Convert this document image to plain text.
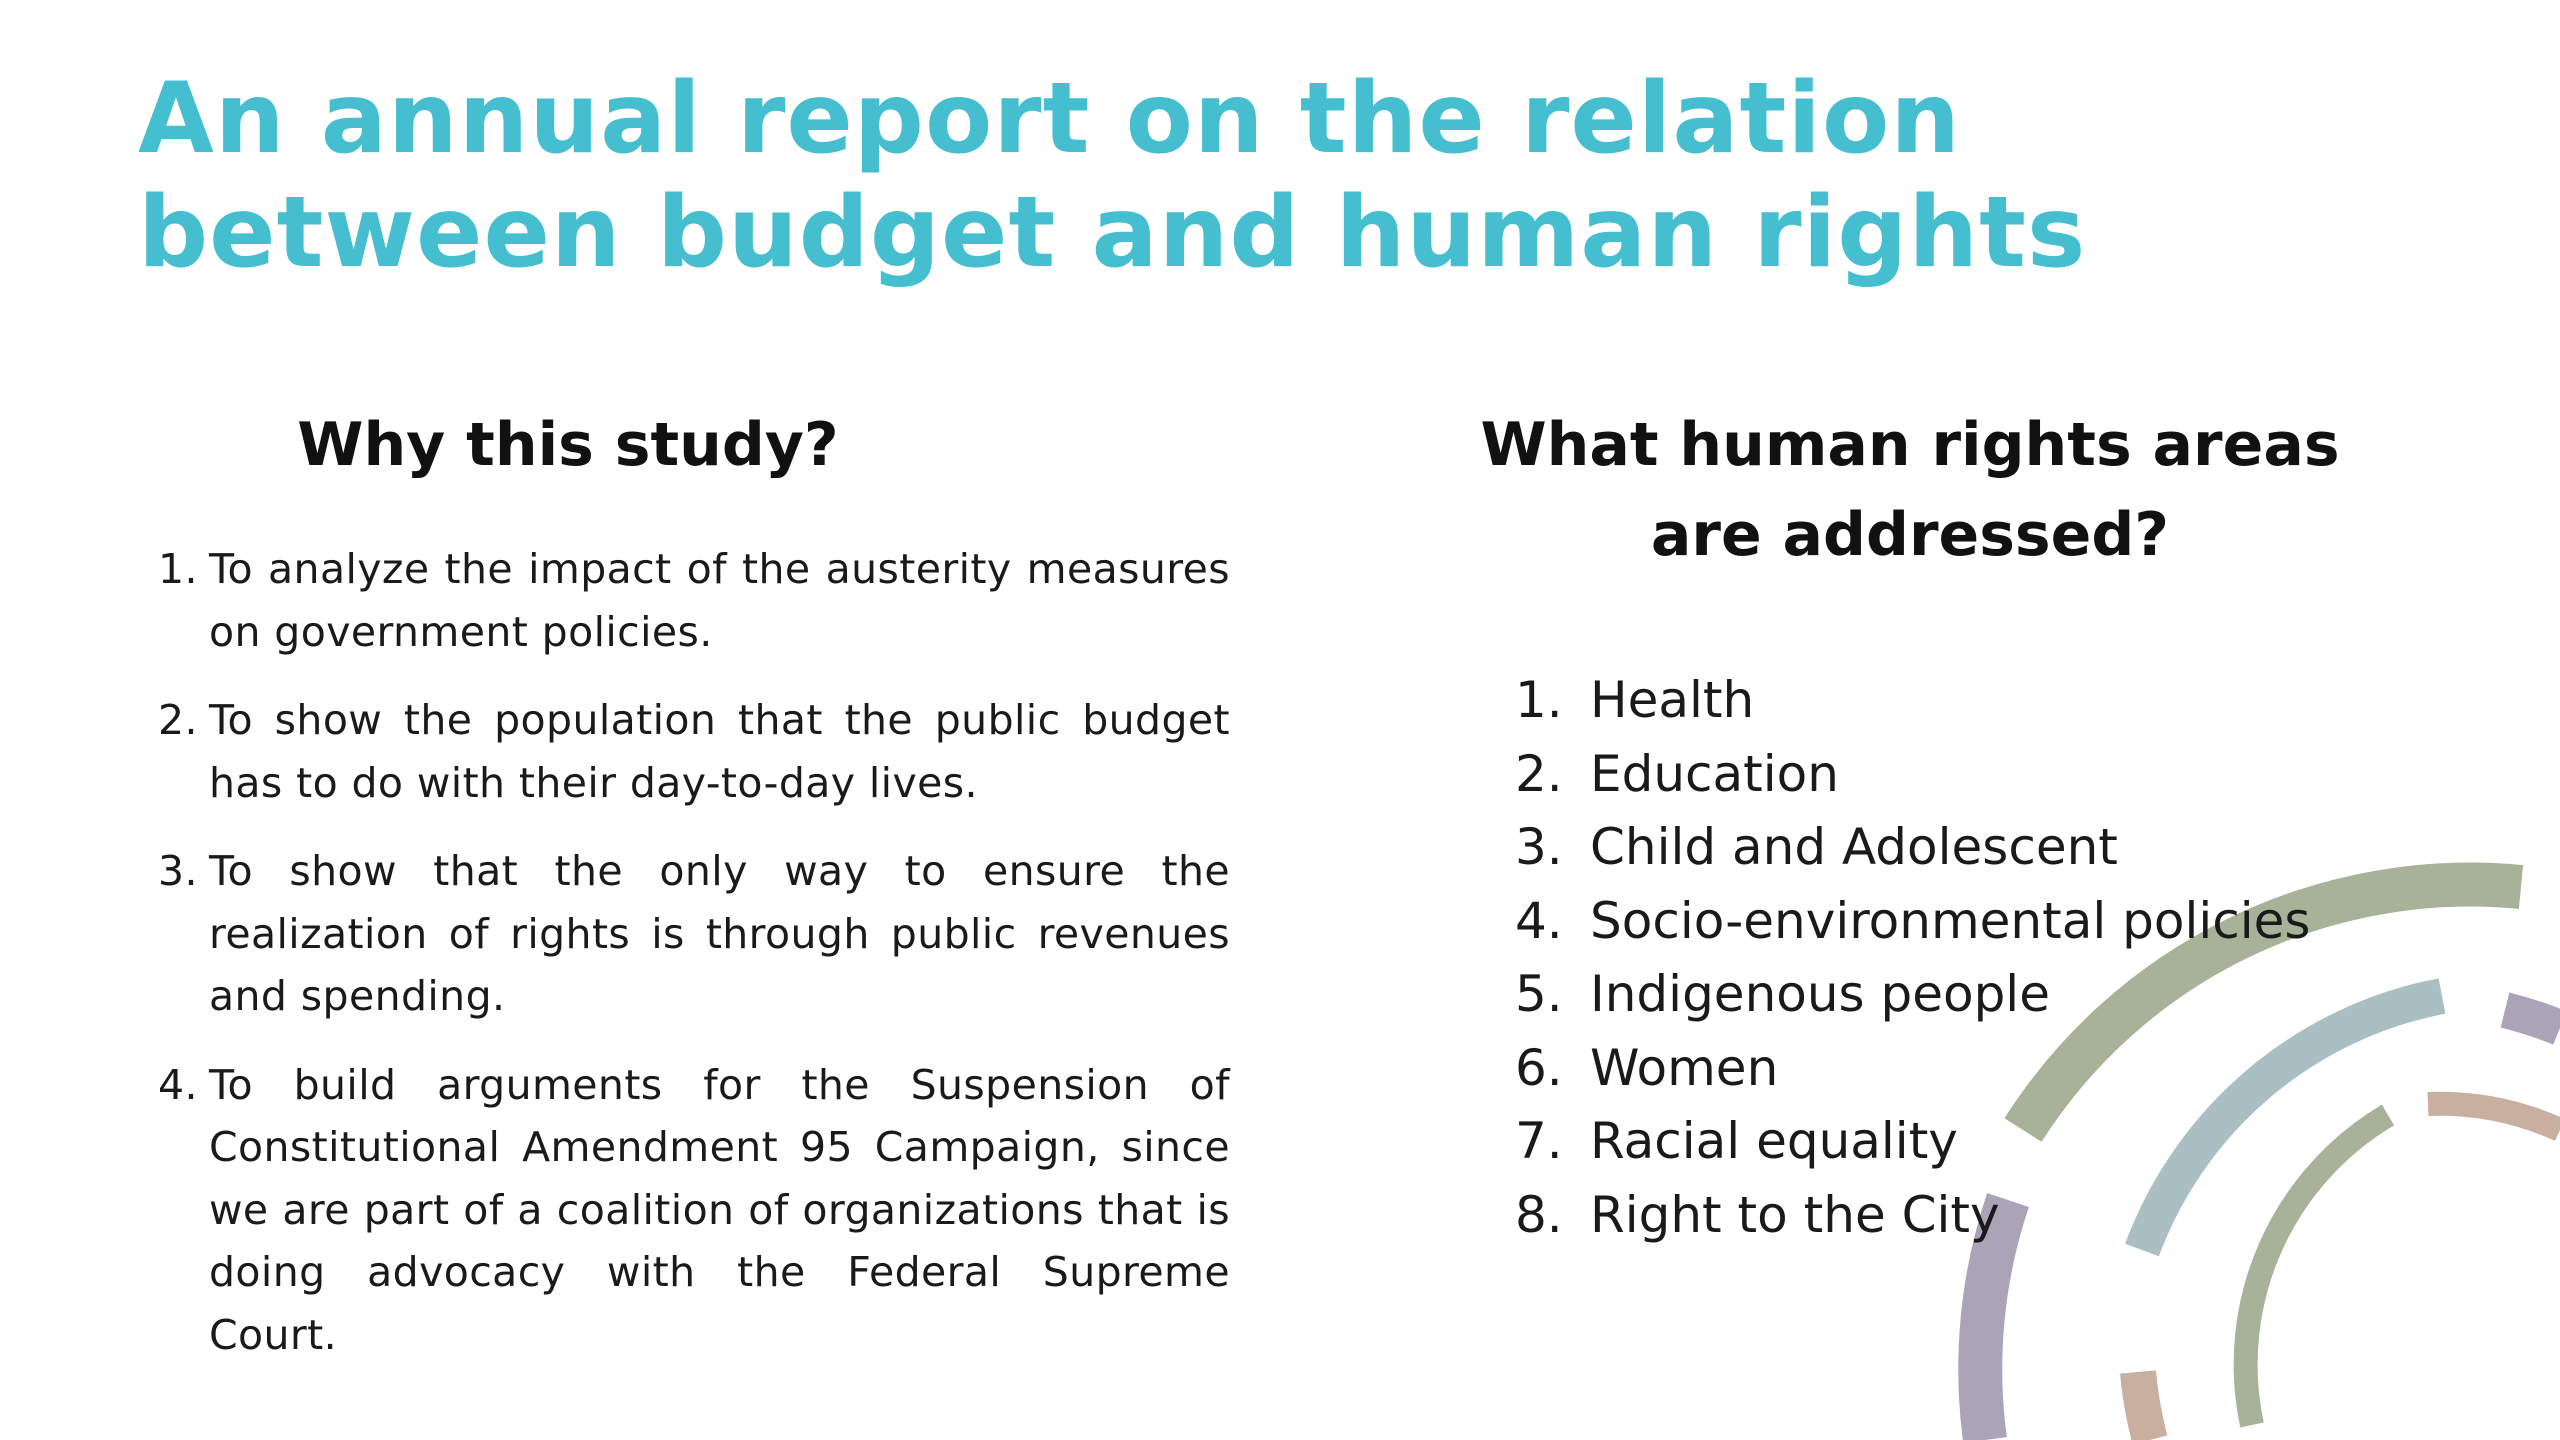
An annual report on the relation
between budget and human rights
Why this study?
1. To analyze the impact of the austerity measures on government policies.
2. To show the population that the public budget has to do with their day-to-day lives.
3. To show that the only way to ensure the realization of rights is through public revenues and spending.
4. To build arguments for the Suspension of Constitutional Amendment 95 Campaign, since we are part of a coalition of organizations that is doing advocacy with the Federal Supreme Court.
What human rights areas
are addressed?
1. Health
2. Education
3. Child and Adolescent
4. Socio-environmental policies
5. Indigenous people
6. Women
7. Racial equality
8. Right to the City
